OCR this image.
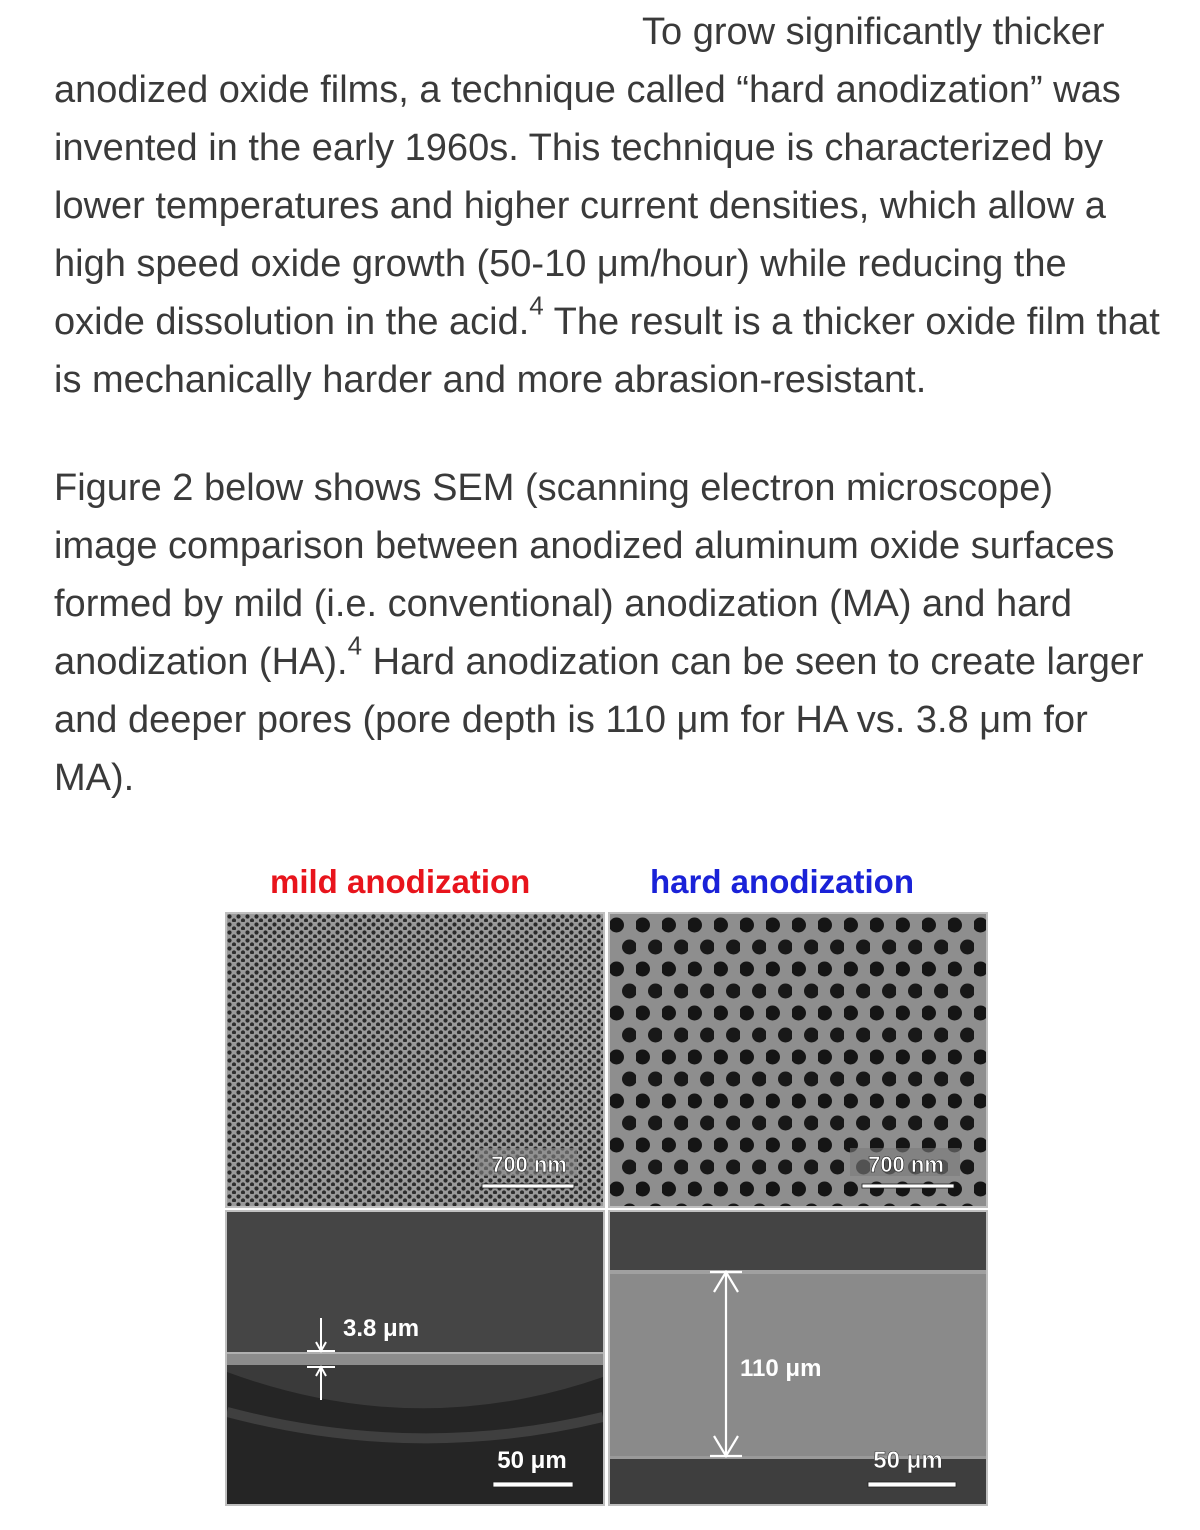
To grow significantly thicker anodized oxide films, a technique called “hard anodization” was invented in the early 1960s. This technique is characterized by lower temperatures and higher current densities, which allow a high speed oxide growth (50-10 μm/hour) while reducing the oxide dissolution in the acid.$^4$ The result is a thicker oxide film that is mechanically harder and more abrasion-resistant.

Figure 2 below shows SEM (scanning electron microscope) image comparison between anodized aluminum oxide surfaces formed by mild (i.e. conventional) anodization (MA) and hard anodization (HA).$^4$ Hard anodization can be seen to create larger and deeper pores (pore depth is 110 μm for HA vs. 3.8 μm for MA).

mild anodization	hard anodization
700 nm	700 nm
3.8 μm
50 μm
110 μm
50 μm
